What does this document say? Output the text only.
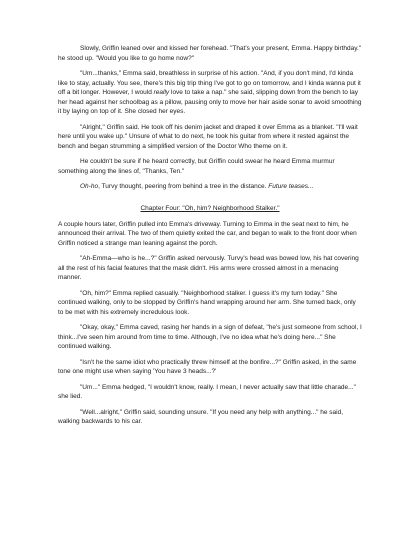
Slowly, Griffin leaned over and kissed her forehead. "That's your present, Emma. Happy birthday." he stood up. "Would you like to go home now?"

"Um...thanks," Emma said, breathless in surprise of his action. "And, if you don't mind, I'd kinda like to stay, actually. You see, there's this big trip thing I've got to go on tomorrow, and I kinda wanna put it off a bit longer. However, I would really love to take a nap." she said, slipping down from the bench to lay her head against her schoolbag as a pillow, pausing only to move her hair aside sonar to avoid smoothing it by laying on top of it. She closed her eyes.

"Alright," Griffin said. He took off his denim jacket and draped it over Emma as a blanket. "I'll wait here until you wake up." Unsure of what to do next, he took his guitar from where it rested against the bench and began strumming a simplified version of the Doctor Who theme on it.

He couldn't be sure if he heard correctly, but Griffin could swear he heard Emma murmur something along the lines of, "Thanks, Ten."

Oh-ho, Turvy thought, peering from behind a tree in the distance. Future teases...

Chapter Four: "Oh, him? Neighborhood Stalker."

A couple hours later, Griffin pulled into Emma's driveway. Turning to Emma in the seat next to him, he announced their arrival. The two of them quietly exited the car, and began to walk to the front door when Griffin noticed a strange man leaning against the porch.

"Ah-Emma—who is he...?" Griffin asked nervously. Turvy's head was bowed low, his hat covering all the rest of his facial features that the mask didn't. His arms were crossed almost in a menacing manner.

"Oh, him?" Emma replied casually. "Neighborhood stalker. I guess it's my turn today." She continued walking, only to be stopped by Griffin's hand wrapping around her arm. She turned back, only to be met with his extremely incredulous look.

"Okay, okay," Emma caved, rasing her hands in a sign of defeat, "he's just someone from school, I think...I've seen him around from time to time. Although, I've no idea what he's doing here..." She continued walking.

"Isn't he the same idiot who practically threw himself at the bonfire...?" Griffin asked, in the same tone one might use when saying 'You have 3 heads...?'

"Um..." Emma hedged, "I wouldn't know, really. I mean, I never actually saw that little charade..." she lied.

"Well...alright," Griffin said, sounding unsure. "If you need any help with anything..." he said, walking backwards to his car.
